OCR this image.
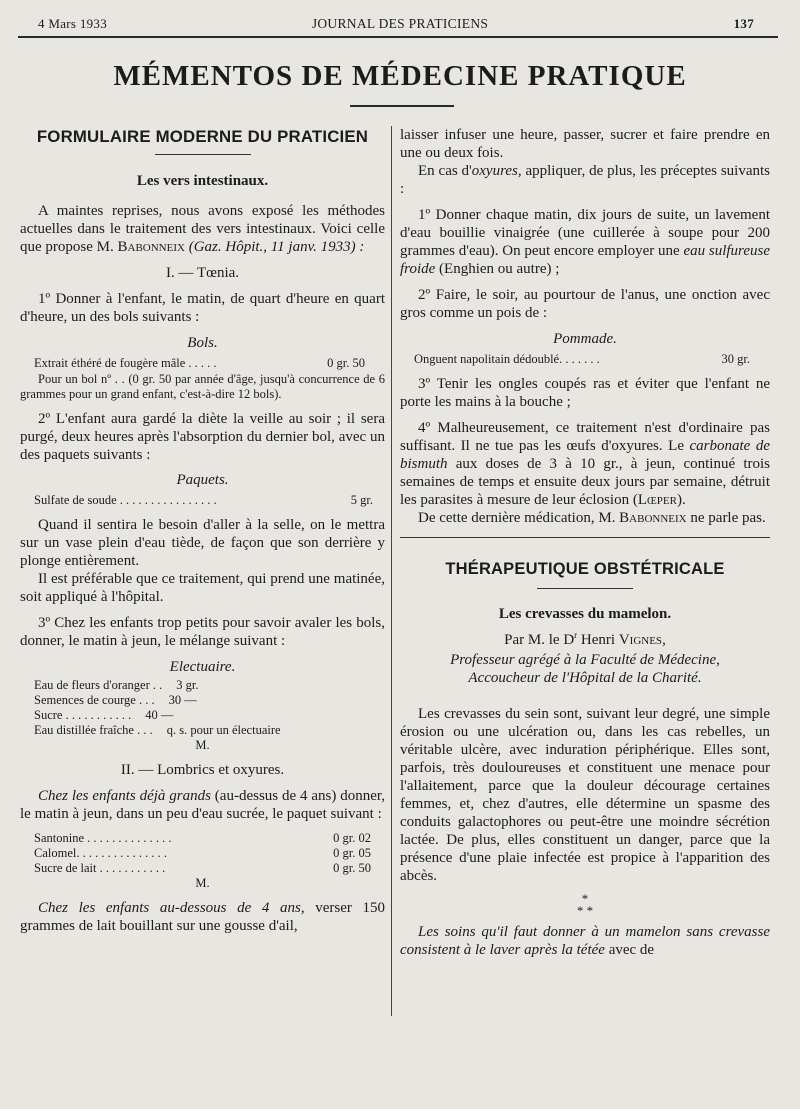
4 Mars 1933	JOURNAL DES PRATICIENS	137
MÉMENTOS DE MÉDECINE PRATIQUE
FORMULAIRE MODERNE DU PRATICIEN
Les vers intestinaux.

A maintes reprises, nous avons exposé les méthodes actuelles dans le traitement des vers intestinaux. Voici celle que propose M. Babonneix (Gaz. Hôpit., 11 janv. 1933) :

I. — Tœnia.

1º Donner à l'enfant, le matin, de quart d'heure en quart d'heure, un des bols suivants :

Bols.
Extrait éthéré de fougère mâle . . . . .	0 gr. 50

Pour un bol nº . . (0 gr. 50 par année d'âge, jusqu'à concurrence de 6 grammes pour un grand enfant, c'est-à-dire 12 bols).

2º L'enfant aura gardé la diète la veille au soir ; il sera purgé, deux heures après l'absorption du dernier bol, avec un des paquets suivants :

Paquets.
Sulfate de soude . . . . . . . . . . . . . . . .	5 gr.

Quand il sentira le besoin d'aller à la selle, on le mettra sur un vase plein d'eau tiède, de façon que son derrière y plonge entièrement.

Il est préférable que ce traitement, qui prend une matinée, soit appliqué à l'hôpital.

3º Chez les enfants trop petits pour savoir avaler les bols, donner, le matin à jeun, le mélange suivant :

Electuaire.
Eau de fleurs d'oranger . . 3 gr.
Semences de courge . . . 30 —
Sucre . . . . . . . . . . . 40 —
Eau distillée fraîche . . . q. s. pour un électuaire
M.
II. — Lombrics et oxyures.

Chez les enfants déjà grands (au-dessus de 4 ans) donner, le matin à jeun, dans un peu d'eau sucrée, le paquet suivant :

Santonine . . . . . . . . . . . . . .	0 gr. 02
Calomel. . . . . . . . . . . . . . .	0 gr. 05
Sucre de lait . . . . . . . . . . .	0 gr. 50
M.

Chez les enfants au-dessous de 4 ans, verser 150 grammes de lait bouillant sur une gousse d'ail,

laisser infuser une heure, passer, sucrer et faire prendre en une ou deux fois.

En cas d'oxyures, appliquer, de plus, les préceptes suivants :

1º Donner chaque matin, dix jours de suite, un lavement d'eau bouillie vinaigrée (une cuillerée à soupe pour 200 grammes d'eau). On peut encore employer une eau sulfureuse froide (Enghien ou autre) ;

2º Faire, le soir, au pourtour de l'anus, une onction avec gros comme un pois de :

Pommade.
Onguent napolitain dédoublé. . . . . . .	30 gr.

3º Tenir les ongles coupés ras et éviter que l'enfant ne porte les mains à la bouche ;

4º Malheureusement, ce traitement n'est d'ordinaire pas suffisant. Il ne tue pas les œufs d'oxyures. Le carbonate de bismuth aux doses de 3 à 10 gr., à jeun, continué trois semaines de temps et ensuite deux jours par semaine, détruit les parasites à mesure de leur éclosion (Lœper).

De cette dernière médication, M. Babonneix ne parle pas.

THÉRAPEUTIQUE OBSTÉTRICALE
Les crevasses du mamelon.
Par M. le $D^r$ Henri Vignes,
Professeur agrégé à la Faculté de Médecine,
Accoucheur de l'Hôpital de la Charité.

Les crevasses du sein sont, suivant leur degré, une simple érosion ou une ulcération ou, dans les cas rebelles, un véritable ulcère, avec induration périphérique. Elles sont, parfois, très douloureuses et constituent une menace pour l'allaitement, parce que la douleur décourage certaines femmes, et, chez d'autres, elle détermine un spasme des conduits galactophores ou peut-être une moindre sécrétion lactée. De plus, elles constituent un danger, parce que la présence d'une plaie infectée est propice à l'apparition des abcès.

*
* *

Les soins qu'il faut donner à un mamelon sans crevasse consistent à le laver après la tétée avec de
